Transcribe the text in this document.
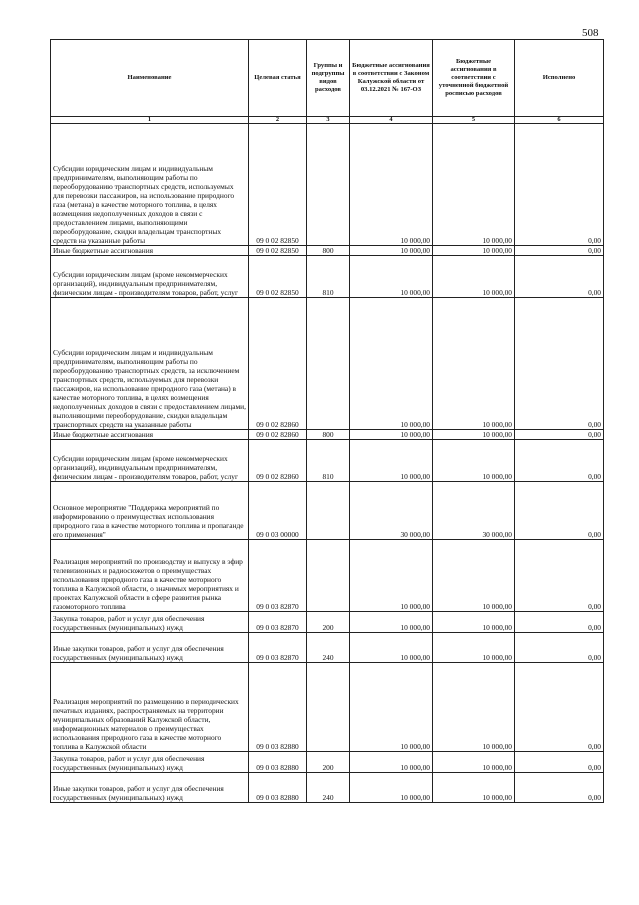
508
Наименование	Целевая статья	Группы и подгруппы видов расходов	Бюджетные ассигнования в соответствии с Законом Калужской области от 03.12.2021 № 167-ОЗ	Бюджетные ассигнования в соответствии с уточненной бюджетной росписью расходов	Исполнено
1	2	3	4	5	6
Субсидии юридическим лицам и индивидуальным предпринимателям, выполняющим работы по переоборудованию транспортных средств, используемых для перевозки пассажиров, на использование природного газа (метана) в качестве моторного топлива, в целях возмещения недополученных доходов в связи с предоставлением лицами, выполняющими переоборудование, скидки владельцам транспортных средств на указанные работы	09 0 02 82850		10 000,00	10 000,00	0,00
Иные бюджетные ассигнования	09 0 02 82850	800	10 000,00	10 000,00	0,00
Субсидии юридическим лицам (кроме некоммерческих организаций), индивидуальным предпринимателям, физическим лицам - производителям товаров, работ, услуг	09 0 02 82850	810	10 000,00	10 000,00	0,00
Субсидии юридическим лицам и индивидуальным предпринимателям, выполняющим работы по переоборудованию транспортных средств, за исключением транспортных средств, используемых для перевозки пассажиров, на использование природного газа (метана) в качестве моторного топлива, в целях возмещения недополученных доходов в связи с предоставлением лицами, выполняющими переоборудование, скидки владельцам транспортных средств на указанные работы	09 0 02 82860		10 000,00	10 000,00	0,00
Иные бюджетные ассигнования	09 0 02 82860	800	10 000,00	10 000,00	0,00
Субсидии юридическим лицам (кроме некоммерческих организаций), индивидуальным предпринимателям, физическим лицам - производителям товаров, работ, услуг	09 0 02 82860	810	10 000,00	10 000,00	0,00
Основное мероприятие "Поддержка мероприятий по информированию о преимуществах использования природного газа в качестве моторного топлива и пропаганде его применения"	09 0 03 00000		30 000,00	30 000,00	0,00
Реализация мероприятий по производству и выпуску в эфир телевизионных и радиосюжетов о преимуществах использования природного газа в качестве моторного топлива в Калужской области, о значимых мероприятиях и проектах Калужской области в сфере развития рынка газомоторного топлива	09 0 03 82870		10 000,00	10 000,00	0,00
Закупка товаров, работ и услуг для обеспечения государственных (муниципальных) нужд	09 0 03 82870	200	10 000,00	10 000,00	0,00
Иные закупки товаров, работ и услуг для обеспечения государственных (муниципальных) нужд	09 0 03 82870	240	10 000,00	10 000,00	0,00
Реализация мероприятий по размещению в периодических печатных изданиях, распространяемых на территории муниципальных образований Калужской области, информационных материалов о преимуществах использования природного газа в качестве моторного топлива в Калужской области	09 0 03 82880		10 000,00	10 000,00	0,00
Закупка товаров, работ и услуг для обеспечения государственных (муниципальных) нужд	09 0 03 82880	200	10 000,00	10 000,00	0,00
Иные закупки товаров, работ и услуг для обеспечения государственных (муниципальных) нужд	09 0 03 82880	240	10 000,00	10 000,00	0,00
